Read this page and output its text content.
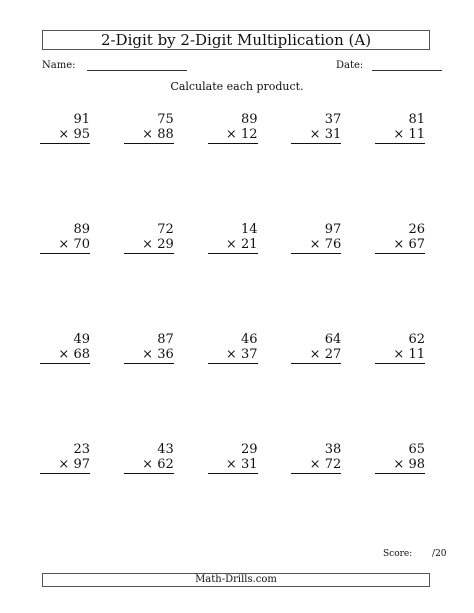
2-Digit by 2-Digit Multiplication (A)
Name:	Date:
Calculate each product.
91
× 95
75
× 88
89
× 12
37
× 31
81
× 11
89
× 70
72
× 29
14
× 21
97
× 76
26
× 67
49
× 68
87
× 36
46
× 37
64
× 27
62
× 11
23
× 97
43
× 62
29
× 31
38
× 72
65
× 98
Score: /20
Math-Drills.com
